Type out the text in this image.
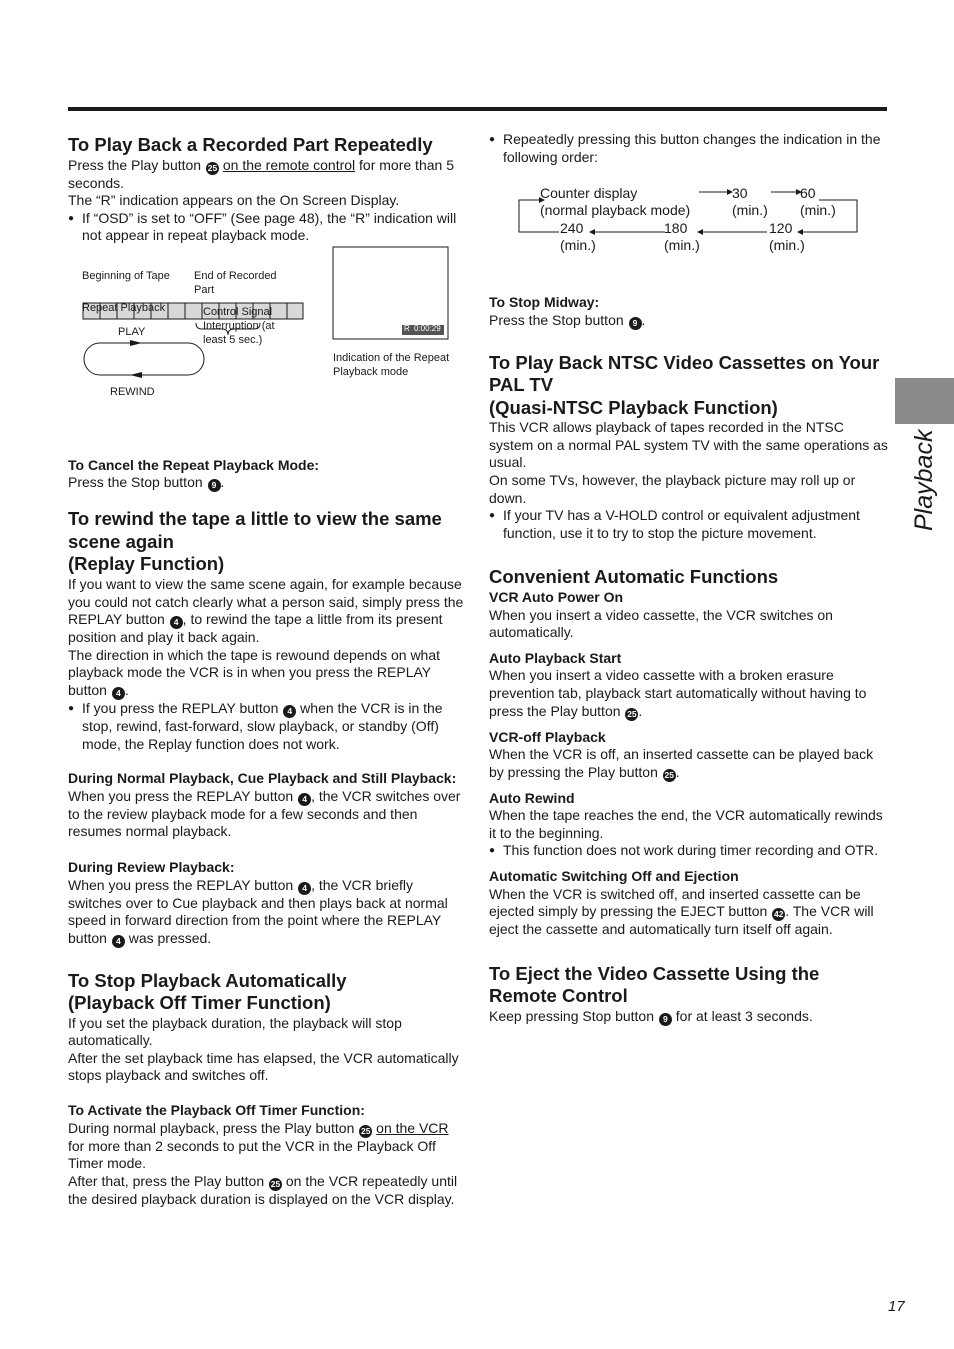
Playback
To Play Back a Recorded Part Repeatedly

Press the Play button 25 on the remote control for more than 5 seconds.

The “R” indication appears on the On Screen Display.

● If “OSD” is set to “OFF” (See page 48), the “R” indication will not appear in repeat playback mode.

Beginning of Tape	End of Recorded Part
Repeat Playback	Control Signal Interruption (at least 5 sec.)
PLAY
REWIND
R 0:00:29
Indication of the Repeat Playback mode
To Cancel the Repeat Playback Mode:

Press the Stop button 9 .

To rewind the tape a little to view the same scene again
(Replay Function)

If you want to view the same scene again, for example because you could not catch clearly what a person said, simply press the REPLAY button 4 , to rewind the tape a little from its present position and play it back again.

The direction in which the tape is rewound depends on what playback mode the VCR is in when you press the REPLAY button 4 .

● If you press the REPLAY button 4 when the VCR is in the stop, rewind, fast-forward, slow playback, or standby (Off) mode, the Replay function does not work.

During Normal Playback, Cue Playback and Still Playback:

When you press the REPLAY button 4 , the VCR switches over to the review playback mode for a few seconds and then resumes normal playback.

During Review Playback:

When you press the REPLAY button 4 , the VCR briefly switches over to Cue playback and then plays back at normal speed in forward direction from the point where the REPLAY button 4 was pressed.

To Stop Playback Automatically
(Playback Off Timer Function)

If you set the playback duration, the playback will stop automatically.

After the set playback time has elapsed, the VCR automatically stops playback and switches off.

To Activate the Playback Off Timer Function:

During normal playback, press the Play button 25 on the VCR for more than 2 seconds to put the VCR in the Playback Off Timer mode.

After that, press the Play button 25 on the VCR repeatedly until the desired playback duration is displayed on the VCR display.

● Repeatedly pressing this button changes the indication in the following order:

Counter display
(normal playback mode)
30
(min.)
60
(min.)
120
(min.)
180
(min.)
240
(min.)
To Stop Midway:

Press the Stop button 9 .

To Play Back NTSC Video Cassettes on Your PAL TV
(Quasi-NTSC Playback Function)

This VCR allows playback of tapes recorded in the NTSC system on a normal PAL system TV with the same operations as usual.

On some TVs, however, the playback picture may roll up or down.

● If your TV has a V-HOLD control or equivalent adjustment function, use it to try to stop the picture movement.

Convenient Automatic Functions
VCR Auto Power On

When you insert a video cassette, the VCR switches on automatically.

Auto Playback Start

When you insert a video cassette with a broken erasure prevention tab, playback start automatically without having to press the Play button 25 .

VCR-off Playback

When the VCR is off, an inserted cassette can be played back by pressing the Play button 25 .

Auto Rewind

When the tape reaches the end, the VCR automatically rewinds it to the beginning.

● This function does not work during timer recording and OTR.

Automatic Switching Off and Ejection

When the VCR is switched off, and inserted cassette can be ejected simply by pressing the EJECT button 42 . The VCR will eject the cassette and automatically turn itself off again.

To Eject the Video Cassette Using the Remote Control

Keep pressing Stop button 9 for at least 3 seconds.

17
